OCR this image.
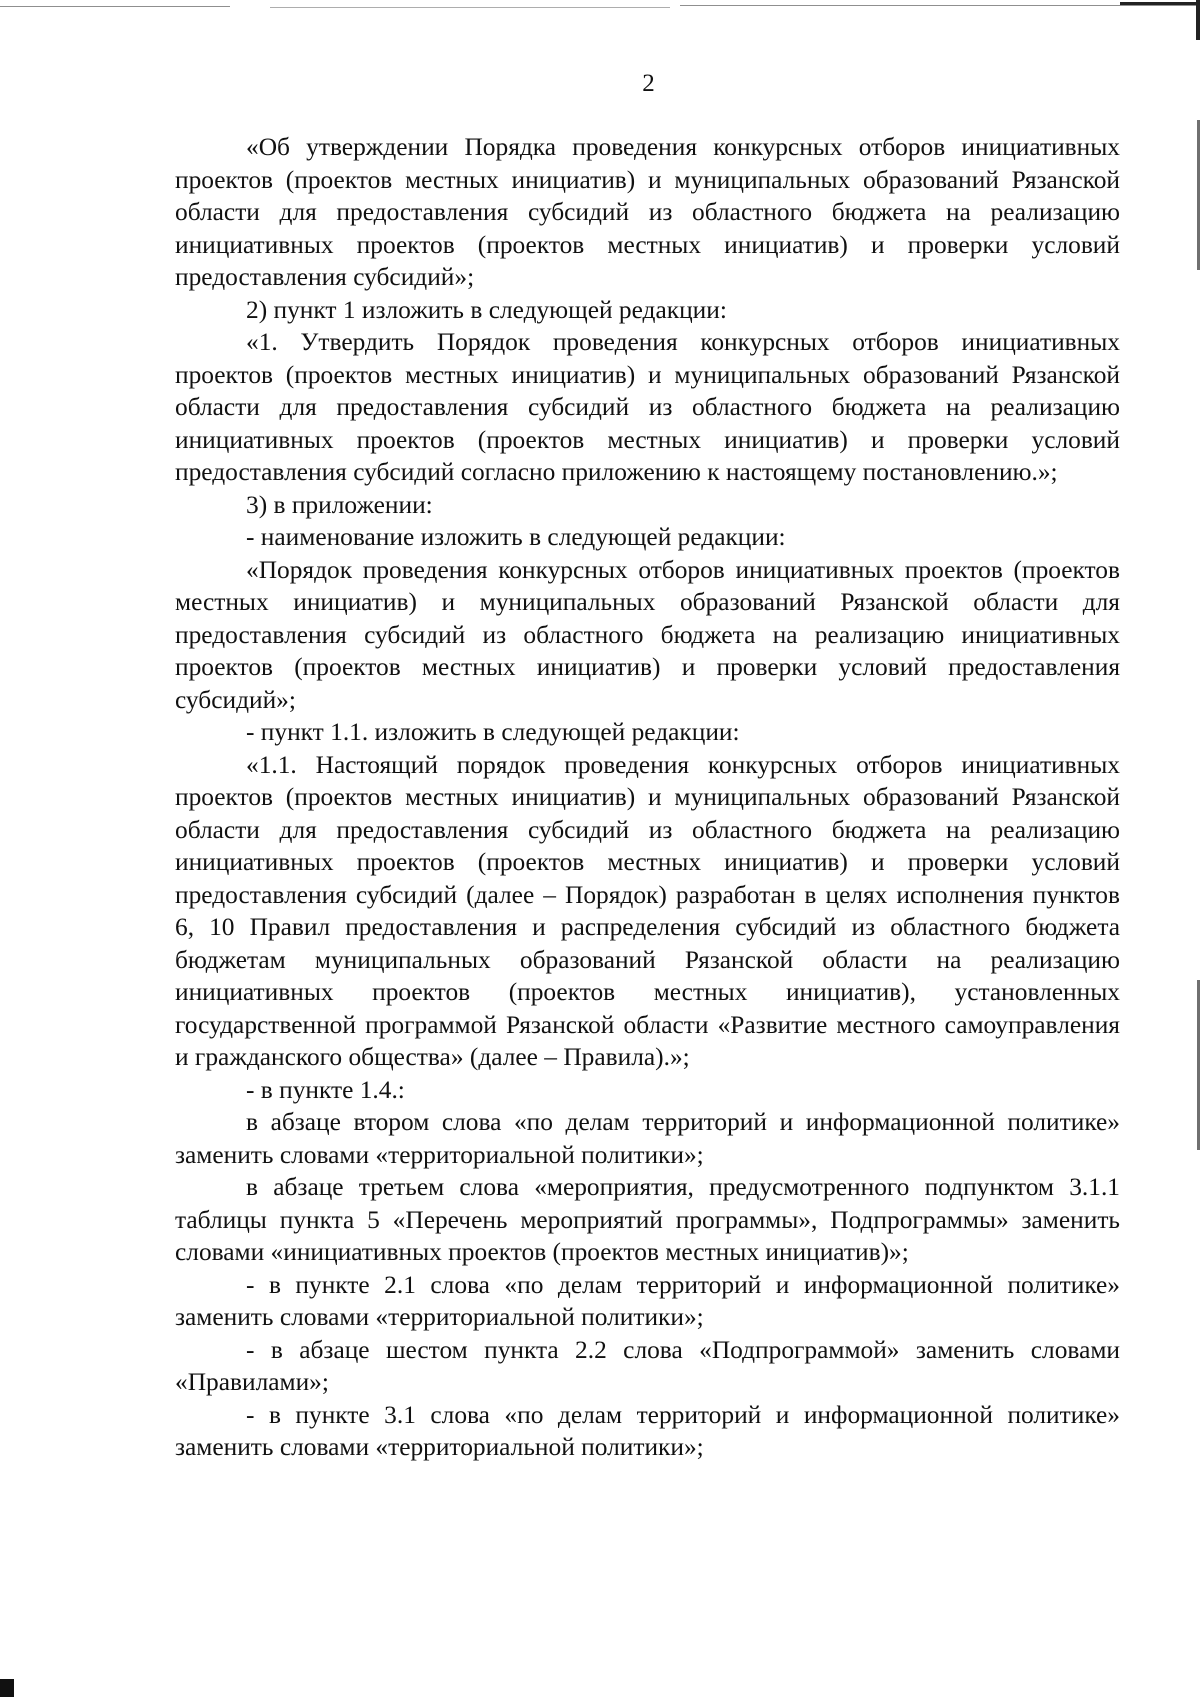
2

«Об утверждении Порядка проведения конкурсных отборов инициативных проектов (проектов местных инициатив) и муниципальных образований Рязанской области для предоставления субсидий из областного бюджета на реализацию инициативных проектов (проектов местных инициатив) и проверки условий предоставления субсидий»;

2) пункт 1 изложить в следующей редакции:

«1. Утвердить Порядок проведения конкурсных отборов инициативных проектов (проектов местных инициатив) и муниципальных образований Рязанской области для предоставления субсидий из областного бюджета на реализацию инициативных проектов (проектов местных инициатив) и проверки условий предоставления субсидий согласно приложению к настоящему постановлению.»;

3) в приложении:

- наименование изложить в следующей редакции:

«Порядок проведения конкурсных отборов инициативных проектов (проектов местных инициатив) и муниципальных образований Рязанской области для предоставления субсидий из областного бюджета на реализацию инициативных проектов (проектов местных инициатив) и проверки условий предоставления субсидий»;

- пункт 1.1. изложить в следующей редакции:

«1.1. Настоящий порядок проведения конкурсных отборов инициативных проектов (проектов местных инициатив) и муниципальных образований Рязанской области для предоставления субсидий из областного бюджета на реализацию инициативных проектов (проектов местных инициатив) и проверки условий предоставления субсидий (далее – Порядок) разработан в целях исполнения пунктов 6, 10 Правил предоставления и распределения субсидий из областного бюджета бюджетам муниципальных образований Рязанской области на реализацию инициативных проектов (проектов местных инициатив), установленных государственной программой Рязанской области «Развитие местного самоуправления и гражданского общества» (далее – Правила).»;

- в пункте 1.4.:

в абзаце втором слова «по делам территорий и информационной политике» заменить словами «территориальной политики»;

в абзаце третьем слова «мероприятия, предусмотренного подпунктом 3.1.1 таблицы пункта 5 «Перечень мероприятий программы», Подпрограммы» заменить словами «инициативных проектов (проектов местных инициатив)»;

- в пункте 2.1 слова «по делам территорий и информационной политике» заменить словами «территориальной политики»;

- в абзаце шестом пункта 2.2 слова «Подпрограммой» заменить словами «Правилами»;

- в пункте 3.1 слова «по делам территорий и информационной политике» заменить словами «территориальной политики»;
